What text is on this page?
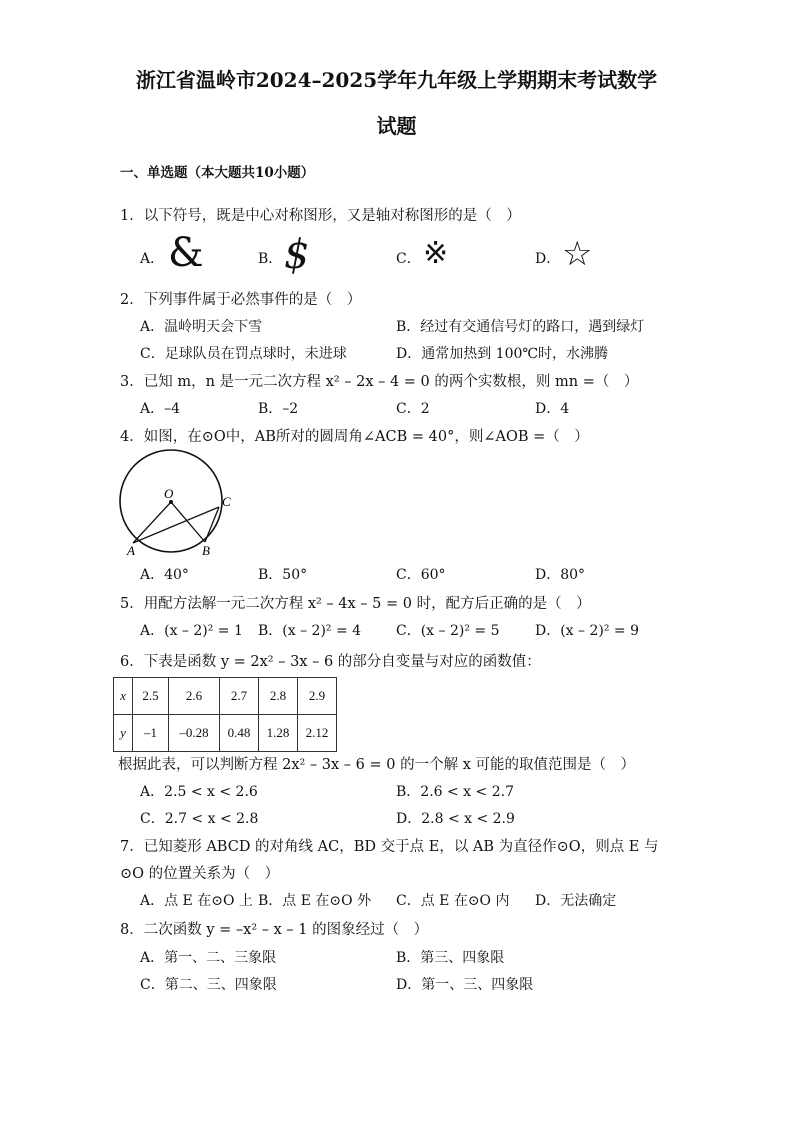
浙江省温岭市2024–2025学年九年级上学期期末考试数学
试题
一、单选题（本大题共10小题）
1．以下符号，既是中心对称图形，又是轴对称图形的是（　）
A． &	B． $	C． ※	D． ☆
2．下列事件属于必然事件的是（　）
A．温岭明天会下雪	B．经过有交通信号灯的路口，遇到绿灯
C．足球队员在罚点球时，未进球	D．通常加热到 100℃时，水沸腾
3．已知 m，n 是一元二次方程 x² – 2x – 4 = 0 的两个实数根，则 mn =（　）
A．–4	B．–2	C．2	D．4
4．如图，在⊙O中，AB所对的圆周角∠ACB = 40°，则∠AOB =（　）
O
A	B
C
A．40°	B．50°	C．60°	D．80°
5．用配方法解一元二次方程 x² – 4x – 5 = 0 时，配方后正确的是（　）
A．(x – 2)² = 1 B．(x – 2)² = 4 C．(x – 2)² = 5	D．(x – 2)² = 9
6．下表是函数 y = 2x² – 3x – 6 的部分自变量与对应的函数值：
x	2.5	2.6	2.7	2.8	2.9
y	–1	–0.28	0.48	1.28	2.12
根据此表，可以判断方程 2x² – 3x – 6 = 0 的一个解 x 可能的取值范围是（　）
A．2.5 < x < 2.6	B．2.6 < x < 2.7
C．2.7 < x < 2.8	D．2.8 < x < 2.9
7．已知菱形 ABCD 的对角线 AC，BD 交于点 E，以 AB 为直径作⊙O，则点 E 与
⊙O 的位置关系为（　）
A．点 E 在⊙O 上 B．点 E 在⊙O 外 C．点 E 在⊙O 内 D．无法确定
8．二次函数 y = –x² – x – 1 的图象经过（　）
A．第一、二、三象限	B．第三、四象限
C．第二、三、四象限	D．第一、三、四象限
